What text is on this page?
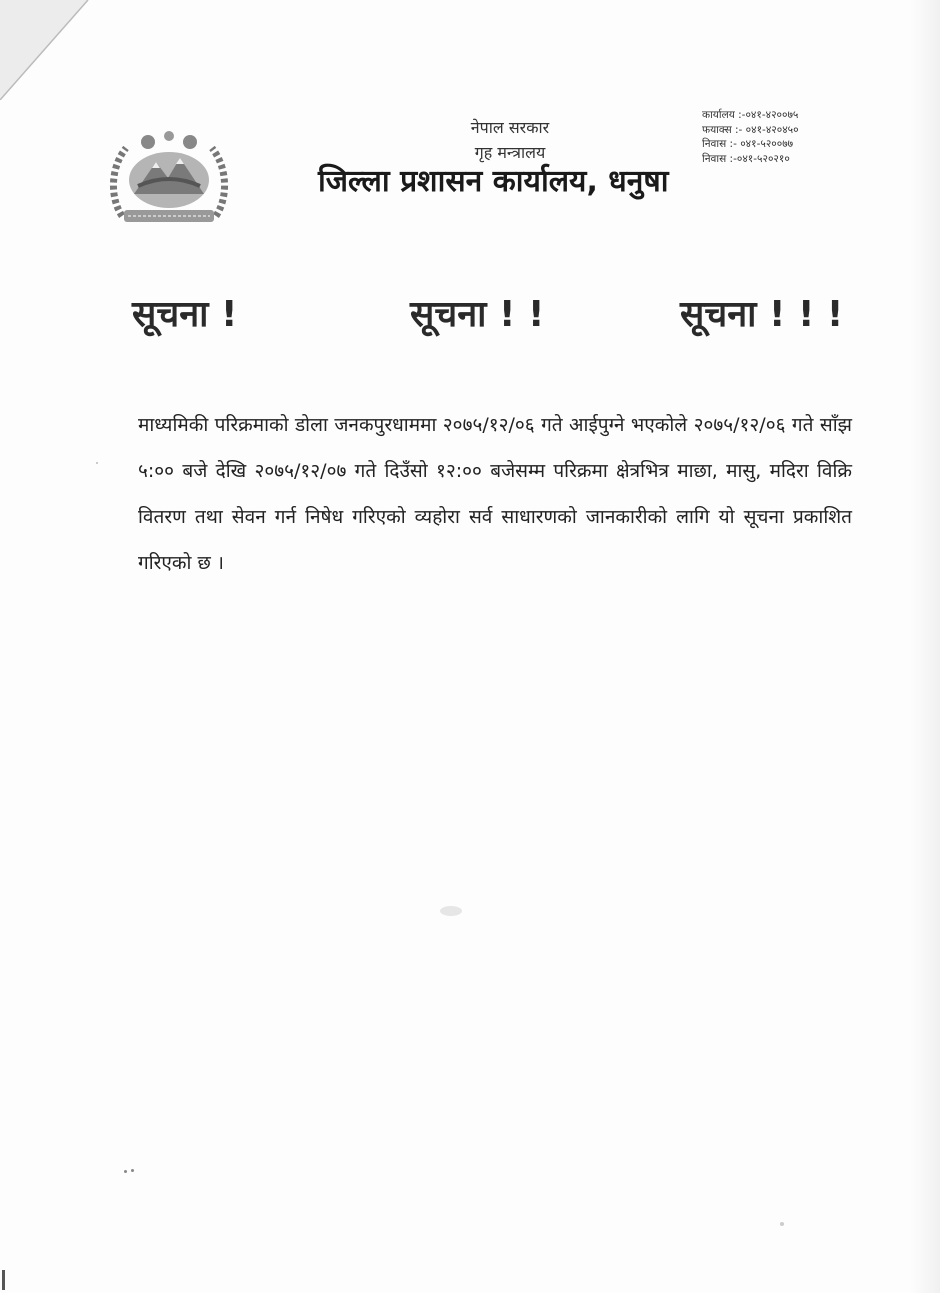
नेपाल सरकार
गृह मन्त्रालय
जिल्ला प्रशासन कार्यालय, धनुषा
कार्यालय :-०४१-४२००७५
फयाक्स :- ०४१-४२०४५०
निवास :- ०४१-५२००७७
निवास :-०४१-५२०२१०
सूचना !	सूचना ! !	सूचना ! ! !
माध्यमिकी परिक्रमाको डोला जनकपुरधाममा २०७५/१२/०६ गते आईपुग्ने भएकोले २०७५/१२/०६ गते साँझ ५:०० बजे देखि २०७५/१२/०७ गते दिउँसो १२:०० बजेसम्म परिक्रमा क्षेत्रभित्र माछा, मासु, मदिरा विक्रि वितरण तथा सेवन गर्न निषेध गरिएको व्यहोरा सर्व साधारणको जानकारीको लागि यो सूचना प्रकाशित गरिएको छ ।
